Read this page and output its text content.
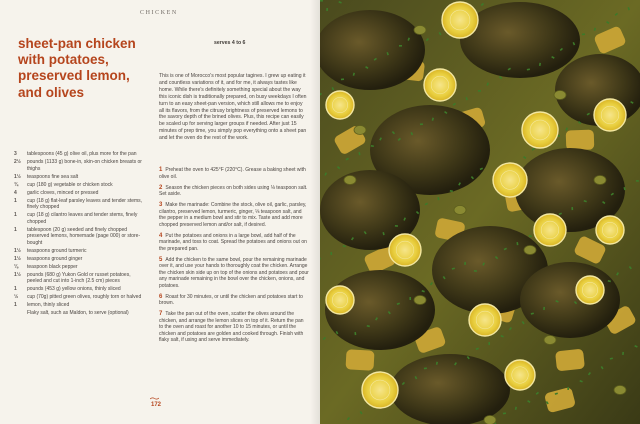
CHICKEN
sheet-pan chicken
with potatoes,
preserved lemon,
and olives
serves 4 to 6

This is one of Morocco's most popular tagines. I grew up eating it and countless variations of it, and for me, it always tastes like home. While there's definitely something special about the way this iconic dish is traditionally prepared, on busy weekdays I often turn to an easy sheet-pan version, which still allows me to enjoy all its flavors, from the citrusy brightness of preserved lemons to the savory depth of the brined olives. Plus, this recipe can easily be scaled up for serving larger groups if needed. After just 15 minutes of prep time, you simply pop everything onto a sheet pan and let the oven do the rest of the work.

3	tablespoons (45 g) olive oil, plus more for the pan
2½	pounds (1133 g) bone-in, skin-on chicken breasts or thighs
1½	teaspoons fine sea salt
¾	cup (180 g) vegetable or chicken stock
4	garlic cloves, minced or pressed
1	cup (18 g) flat-leaf parsley leaves and tender stems, finely chopped
1	cup (18 g) cilantro leaves and tender stems, finely chopped
1	tablespoon (20 g) seeded and finely chopped preserved lemons, homemade (page 000) or store-bought
1½	teaspoons ground turmeric
1½	teaspoons ground ginger
⅛	teaspoon black pepper
1½	pounds (680 g) Yukon Gold or russet potatoes, peeled and cut into 1-inch (2.5 cm) pieces
1	pounds (453 g) yellow onions, thinly sliced
½	cup (70g) pitted green olives, roughly torn or halved
1	lemon, thinly sliced
Flaky salt, such as Maldon, to serve (optional)
1 Preheat the oven to 425°F (220°C). Grease a baking sheet with olive oil.
2 Season the chicken pieces on both sides using ⅛ teaspoon salt. Set aside.
3 Make the marinade: Combine the stock, olive oil, garlic, parsley, cilantro, preserved lemon, turmeric, ginger, ⅛ teaspoon salt, and the pepper in a medium bowl and stir to mix. Taste and add more chopped preserved lemon and/or salt, if desired.
4 Put the potatoes and onions in a large bowl, add half of the marinade, and toss to coat. Spread the potatoes and onions out on the prepared pan.
5 Add the chicken to the same bowl, pour the remaining marinade over it, and use your hands to thoroughly coat the chicken. Arrange the chicken skin side up on top of the onions and potatoes and pour any marinade remaining in the bowl over the chicken, onions, and potatoes.
6 Roast for 30 minutes, or until the chicken and potatoes start to brown.
7 Take the pan out of the oven, scatter the olives around the chicken, and arrange the lemon slices on top of it. Return the pan to the oven and roast for another 10 to 15 minutes, or until the chicken and potatoes are golden and cooked through. Finish with flaky salt, if using and serve immediately.
172
